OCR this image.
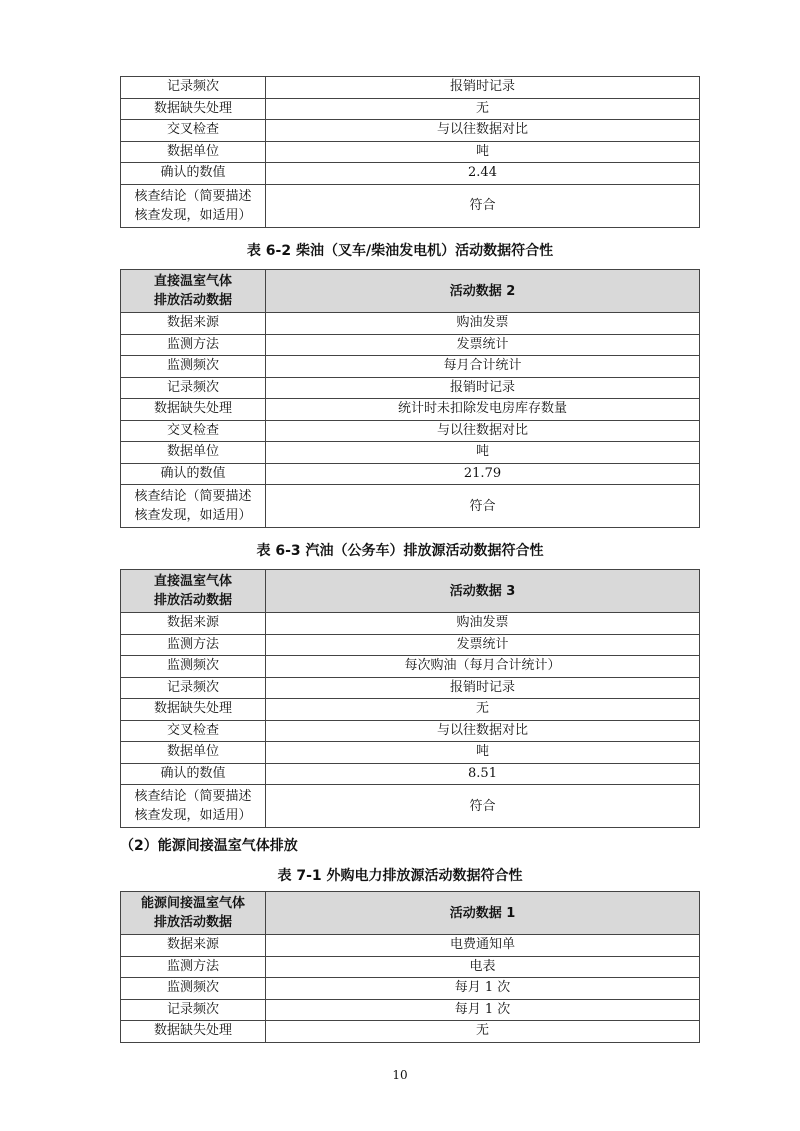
记录频次	报销时记录
数据缺失处理	无
交叉检查	与以往数据对比
数据单位	吨
确认的数值	2.44

核查结论（简要描述
核查发现，如适用）	符合
表 6-2 柴油（叉车/柴油发电机）活动数据符合性
直接温室气体
排放活动数据	活动数据 2
数据来源	购油发票
监测方法	发票统计
监测频次	每月合计统计
记录频次	报销时记录
数据缺失处理	统计时未扣除发电房库存数量
交叉检查	与以往数据对比
数据单位	吨
确认的数值	21.79

核查结论（简要描述
核查发现，如适用）	符合
表 6-3 汽油（公务车）排放源活动数据符合性
直接温室气体
排放活动数据	活动数据 3
数据来源	购油发票
监测方法	发票统计
监测频次	每次购油（每月合计统计）
记录频次	报销时记录
数据缺失处理	无
交叉检查	与以往数据对比
数据单位	吨
确认的数值	8.51

核查结论（简要描述
核查发现，如适用）	符合
（2）能源间接温室气体排放
表 7-1 外购电力排放源活动数据符合性
能源间接温室气体
排放活动数据	活动数据 1
数据来源	电费通知单
监测方法	电表
监测频次	每月 1 次
记录频次	每月 1 次
数据缺失处理	无
10
